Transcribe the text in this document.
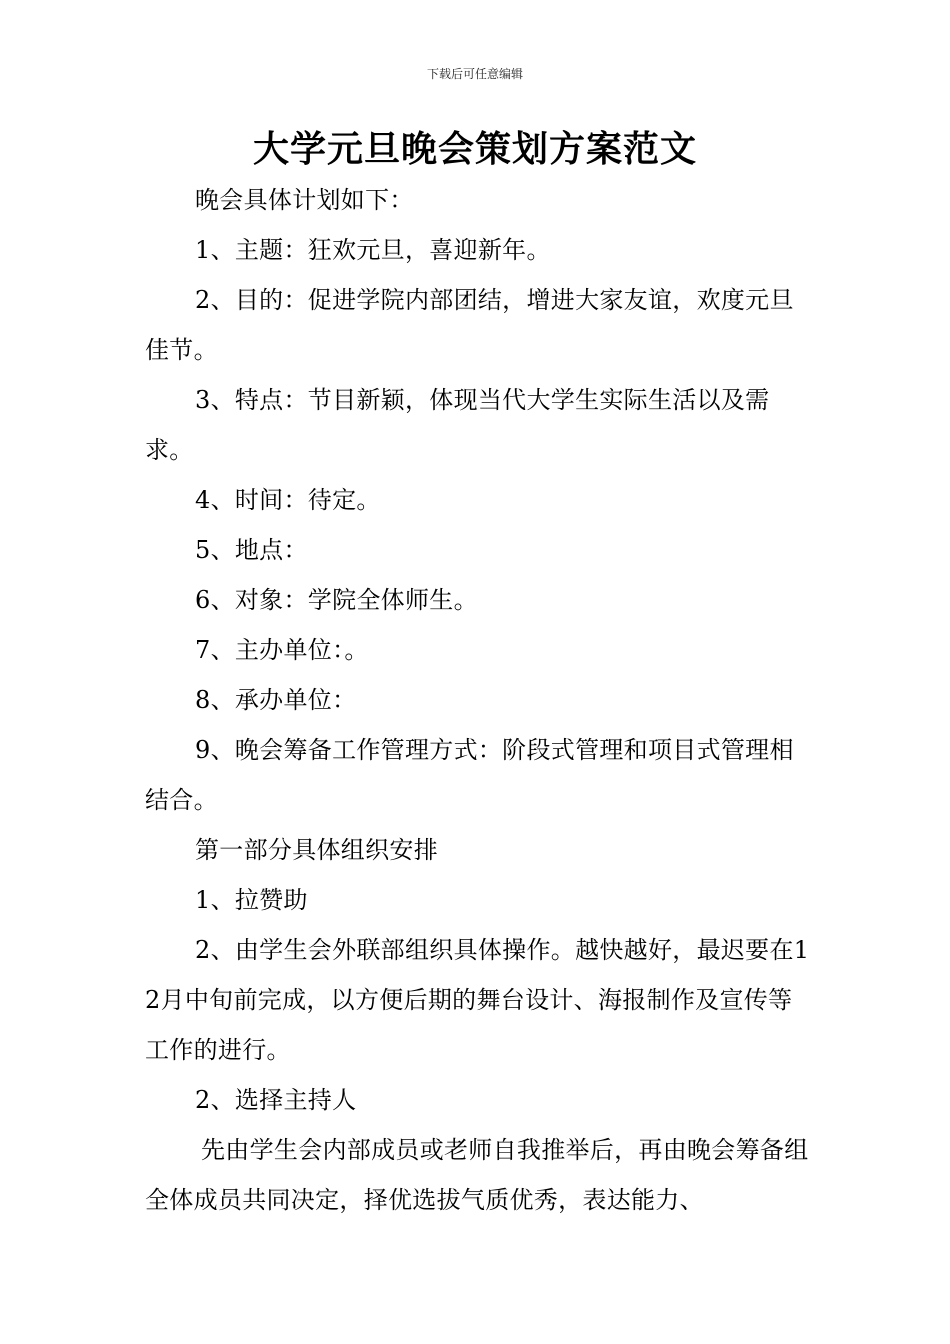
下载后可任意编辑
大学元旦晚会策划方案范文

晚会具体计划如下：

1、主题：狂欢元旦，喜迎新年。

2、目的：促进学院内部团结，增进大家友谊，欢度元旦佳节。

3、特点：节目新颖，体现当代大学生实际生活以及需求。

4、时间：待定。

5、地点：

6、对象：学院全体师生。

7、主办单位：。

8、承办单位：

9、晚会筹备工作管理方式：阶段式管理和项目式管理相结合。

第一部分具体组织安排

1、拉赞助

2、由学生会外联部组织具体操作。越快越好，最迟要在12月中旬前完成，以方便后期的舞台设计、海报制作及宣传等工作的进行。

2、选择主持人

先由学生会内部成员或老师自我推举后，再由晚会筹备组全体成员共同决定，择优选拔气质优秀，表达能力、
